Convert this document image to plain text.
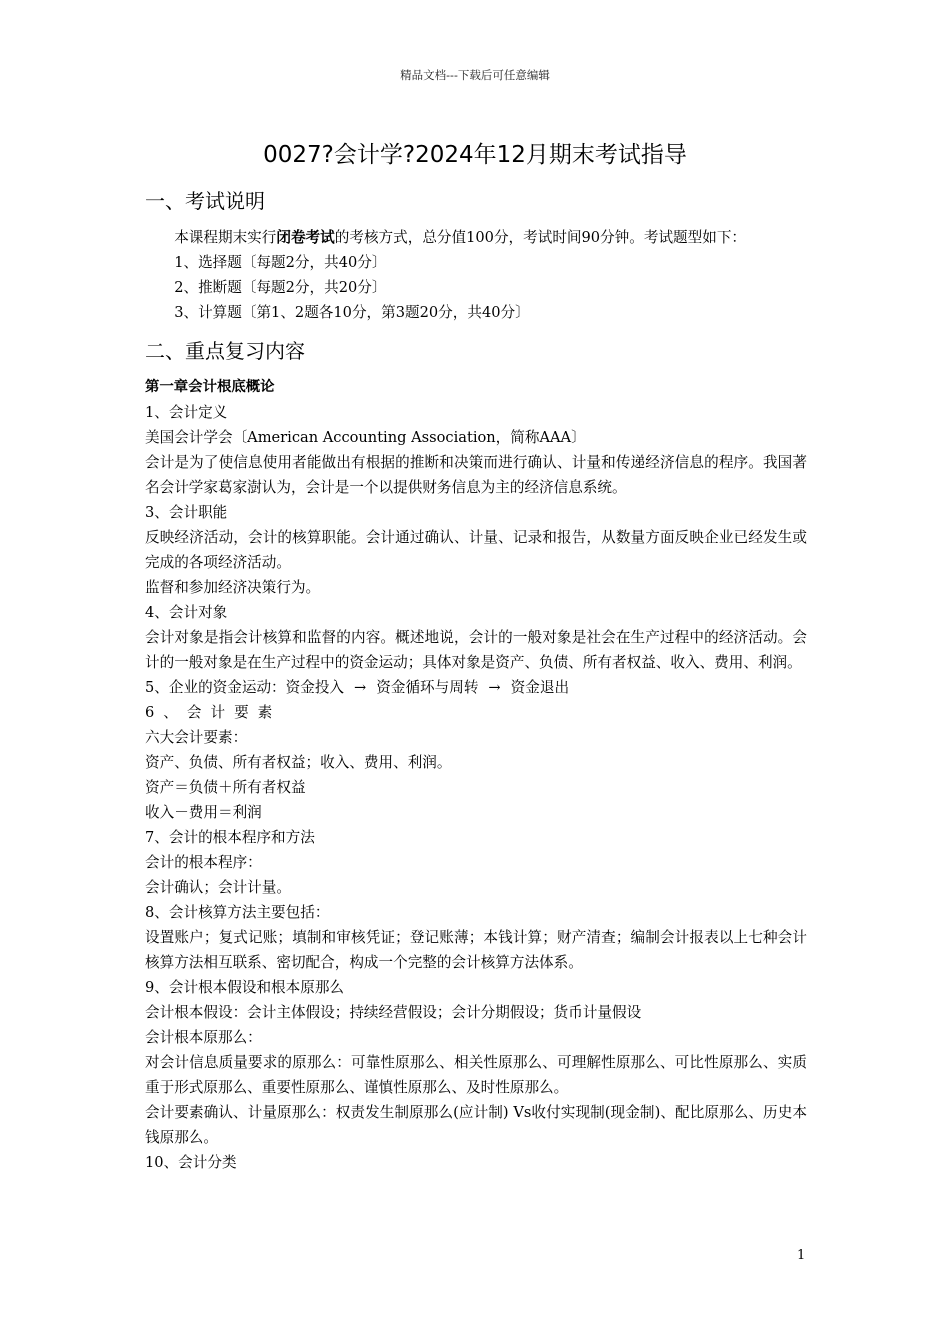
精品文档---下载后可任意编辑
0027?会计学?2024年12月期末考试指导
一、考试说明

本课程期末实行闭卷考试的考核方式，总分值100分，考试时间90分钟。考试题型如下：

1、选择题〔每题2分，共40分〕

2、推断题〔每题2分，共20分〕

3、计算题〔第1、2题各10分，第3题20分，共40分〕

二、重点复习内容

第一章会计根底概论

1、会计定义

美国会计学会〔American Accounting Association，简称AAA〕

会计是为了使信息使用者能做出有根据的推断和决策而进行确认、计量和传递经济信息的程序。我国著名会计学家葛家澍认为，会计是一个以提供财务信息为主的经济信息系统。

3、会计职能

反映经济活动，会计的核算职能。会计通过确认、计量、记录和报告，从数量方面反映企业已经发生或完成的各项经济活动。

监督和参加经济决策行为。

4、会计对象

会计对象是指会计核算和监督的内容。概述地说，会计的一般对象是社会在生产过程中的经济活动。会计的一般对象是在生产过程中的资金运动；具体对象是资产、负债、所有者权益、收入、费用、利润。

5、企业的资金运动：资金投入 → 资金循环与周转 → 资金退出

6、会计要素

六大会计要素：

资产、负债、所有者权益；收入、费用、利润。

资产＝负债＋所有者权益

收入－费用＝利润

7、会计的根本程序和方法

会计的根本程序：

会计确认；会计计量。

8、会计核算方法主要包括：

设置账户；复式记账；填制和审核凭证；登记账薄；本钱计算；财产清查；编制会计报表以上七种会计核算方法相互联系、密切配合，构成一个完整的会计核算方法体系。

9、会计根本假设和根本原那么

会计根本假设：会计主体假设；持续经营假设；会计分期假设；货币计量假设

会计根本原那么：

对会计信息质量要求的原那么：可靠性原那么、相关性原那么、可理解性原那么、可比性原那么、实质重于形式原那么、重要性原那么、谨慎性原那么、及时性原那么。

会计要素确认、计量原那么：权责发生制原那么(应计制) Vs收付实现制(现金制)、配比原那么、历史本钱原那么。

10、会计分类

1
